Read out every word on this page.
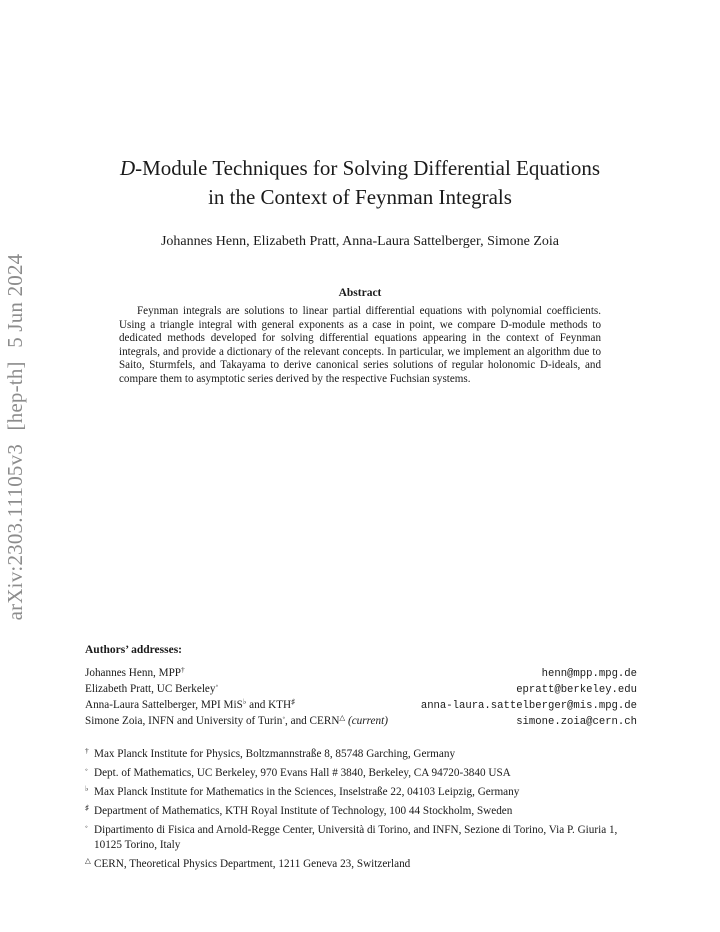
arXiv:2303.11105v3 [hep-th] 5 Jun 2024
D-Module Techniques for Solving Differential Equations
in the Context of Feynman Integrals
Johannes Henn, Elizabeth Pratt, Anna-Laura Sattelberger, Simone Zoia
Abstract
Feynman integrals are solutions to linear partial differential equations with polynomial coefficients. Using a triangle integral with general exponents as a case in point, we compare D-module methods to dedicated methods developed for solving differential equations appearing in the context of Feynman integrals, and provide a dictionary of the relevant concepts. In particular, we implement an algorithm due to Saito, Sturmfels, and Takayama to derive canonical series solutions of regular holonomic D-ideals, and compare them to asymptotic series derived by the respective Fuchsian systems.
Authors’ addresses:
Johannes Henn, MPP†	henn@mpp.mpg.de
Elizabeth Pratt, UC Berkeley◦	epratt@berkeley.edu
Anna-Laura Sattelberger, MPI MiS♭ and KTH♯	anna-laura.sattelberger@mis.mpg.de
Simone Zoia, INFN and University of Turin◦, and CERN△ (current)	simone.zoia@cern.ch
† Max Planck Institute for Physics, Boltzmannstraße 8, 85748 Garching, Germany
◦ Dept. of Mathematics, UC Berkeley, 970 Evans Hall # 3840, Berkeley, CA 94720-3840 USA
♭ Max Planck Institute for Mathematics in the Sciences, Inselstraße 22, 04103 Leipzig, Germany
♯ Department of Mathematics, KTH Royal Institute of Technology, 100 44 Stockholm, Sweden
◦ Dipartimento di Fisica and Arnold-Regge Center, Università di Torino, and INFN, Sezione di Torino, Via P. Giuria 1, 10125 Torino, Italy
△ CERN, Theoretical Physics Department, 1211 Geneva 23, Switzerland
